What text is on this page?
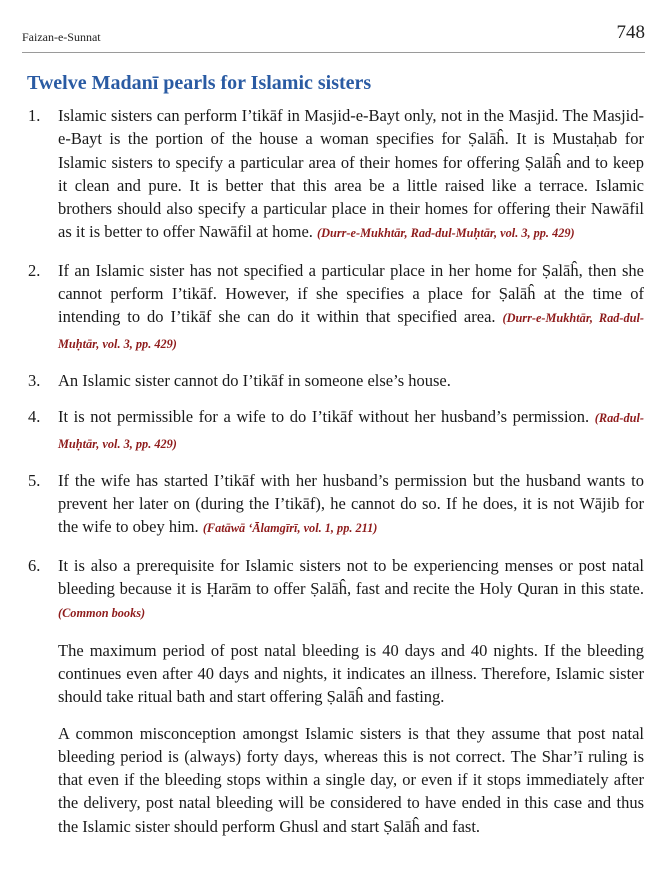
Faizan-e-Sunnat	748
Twelve Madanī pearls for Islamic sisters
1. Islamic sisters can perform I’tikāf in Masjid-e-Bayt only, not in the Masjid. The Masjid-e-Bayt is the portion of the house a woman specifies for Ṣalāĥ. It is Mustaḥab for Islamic sisters to specify a particular area of their homes for offering Ṣalāĥ and to keep it clean and pure. It is better that this area be a little raised like a terrace. Islamic brothers should also specify a particular place in their homes for offering their Nawāfil as it is better to offer Nawāfil at home. (Durr-e-Mukhtār, Rad-dul-Muḥtār, vol. 3, pp. 429)
2. If an Islamic sister has not specified a particular place in her home for Ṣalāĥ, then she cannot perform I’tikāf. However, if she specifies a place for Ṣalāĥ at the time of intending to do I’tikāf she can do it within that specified area. (Durr-e-Mukhtār, Rad-dul-Muḥtār, vol. 3, pp. 429)
3. An Islamic sister cannot do I’tikāf in someone else’s house.
4. It is not permissible for a wife to do I’tikāf without her husband’s permission. (Rad-dul-Muḥtār, vol. 3, pp. 429)
5. If the wife has started I’tikāf with her husband’s permission but the husband wants to prevent her later on (during the I’tikāf), he cannot do so. If he does, it is not Wājib for the wife to obey him. (Fatāwā ‘Ālamgīrī, vol. 1, pp. 211)
6. It is also a prerequisite for Islamic sisters not to be experiencing menses or post natal bleeding because it is Ḥarām to offer Ṣalāĥ, fast and recite the Holy Quran in this state. (Common books)

The maximum period of post natal bleeding is 40 days and 40 nights. If the bleeding continues even after 40 days and nights, it indicates an illness. Therefore, Islamic sister should take ritual bath and start offering Ṣalāĥ and fasting.

A common misconception amongst Islamic sisters is that they assume that post natal bleeding period is (always) forty days, whereas this is not correct. The Shar’ī ruling is that even if the bleeding stops within a single day, or even if it stops immediately after the delivery, post natal bleeding will be considered to have ended in this case and thus the Islamic sister should perform Ghusl and start Ṣalāĥ and fast.
